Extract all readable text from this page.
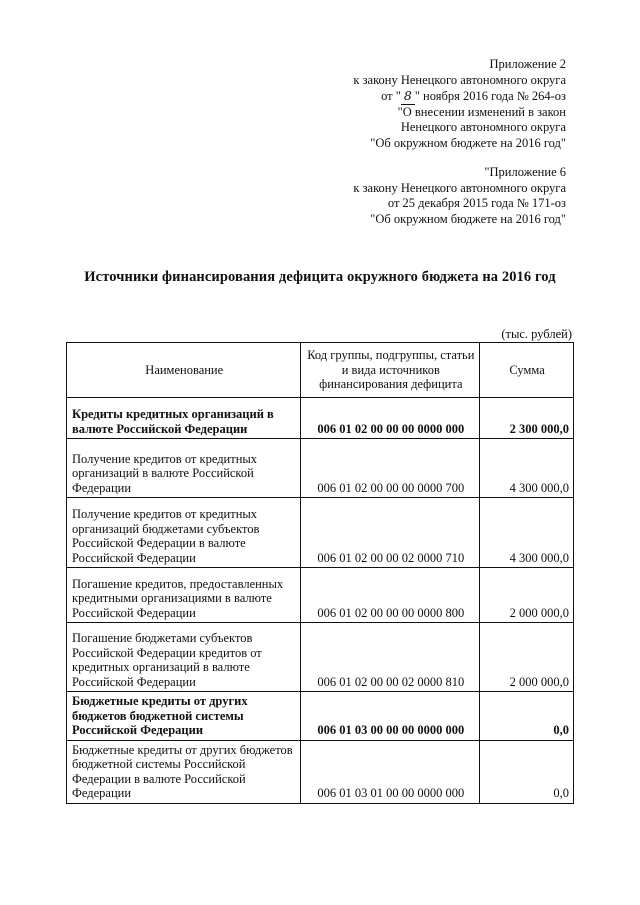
Приложение 2
к закону Ненецкого автономного округа
от " 8 " ноября 2016 года № 264-оз
"О внесении изменений в закон
Ненецкого автономного округа
"Об окружном бюджете на 2016 год"
"Приложение 6
к закону Ненецкого автономного округа
от 25 декабря 2015 года № 171-оз
"Об окружном бюджете на 2016 год"
Источники финансирования дефицита окружного бюджета на 2016 год
(тыс. рублей)
Наименование	Код группы, подгруппы, статьи и вида источников финансирования дефицита	Сумма
Кредиты кредитных организаций в валюте Российской Федерации	006 01 02 00 00 00 0000 000	2 300 000,0
Получение кредитов от кредитных организаций в валюте Российской Федерации	006 01 02 00 00 00 0000 700	4 300 000,0
Получение кредитов от кредитных организаций бюджетами субъектов Российской Федерации в валюте Российской Федерации	006 01 02 00 00 02 0000 710	4 300 000,0
Погашение кредитов, предоставленных кредитными организациями в валюте Российской Федерации	006 01 02 00 00 00 0000 800	2 000 000,0
Погашение бюджетами субъектов Российской Федерации кредитов от кредитных организаций в валюте Российской Федерации	006 01 02 00 00 02 0000 810	2 000 000,0
Бюджетные кредиты от других бюджетов бюджетной системы Российской Федерации	006 01 03 00 00 00 0000 000	0,0
Бюджетные кредиты от других бюджетов бюджетной системы Российской Федерации в валюте Российской Федерации	006 01 03 01 00 00 0000 000	0,0
